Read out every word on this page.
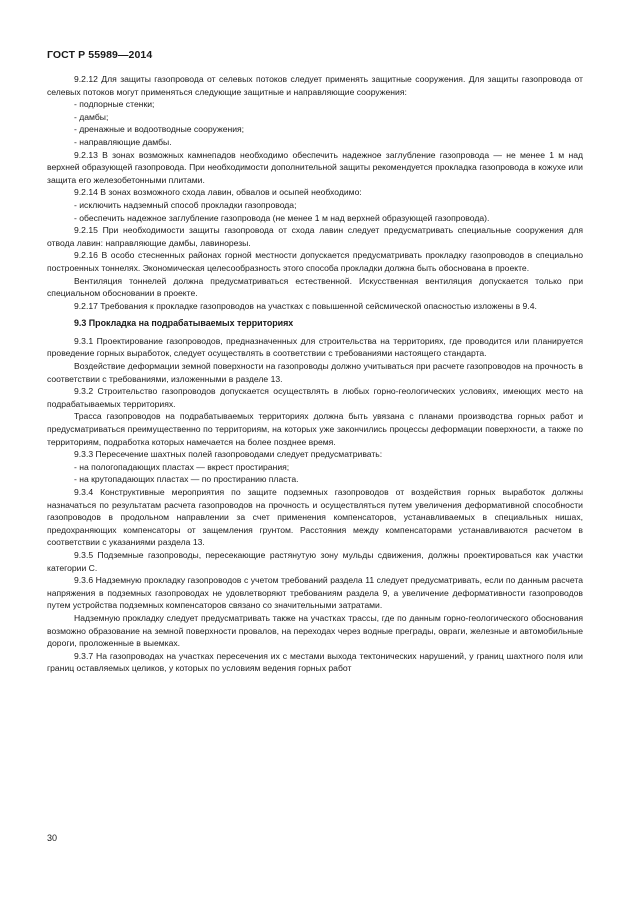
ГОСТ Р 55989—2014

9.2.12 Для защиты газопровода от селевых потоков следует применять защитные сооружения. Для защиты газопровода от селевых потоков могут применяться следующие защитные и направляющие сооружения:

- подпорные стенки;

- дамбы;

- дренажные и водоотводные сооружения;

- направляющие дамбы.

9.2.13 В зонах возможных камнепадов необходимо обеспечить надежное заглубление газопровода — не менее 1 м над верхней образующей газопровода. При необходимости дополнительной защиты рекомендуется прокладка газопровода в кожухе или защита его железобетонными плитами.

9.2.14 В зонах возможного схода лавин, обвалов и осыпей необходимо:

- исключить надземный способ прокладки газопровода;

- обеспечить надежное заглубление газопровода (не менее 1 м над верхней образующей газопровода).

9.2.15 При необходимости защиты газопровода от схода лавин следует предусматривать специальные сооружения для отвода лавин: направляющие дамбы, лавинорезы.

9.2.16 В особо стесненных районах горной местности допускается предусматривать прокладку газопроводов в специально построенных тоннелях. Экономическая целесообразность этого способа прокладки должна быть обоснована в проекте.

Вентиляция тоннелей должна предусматриваться естественной. Искусственная вентиляция допускается только при специальном обосновании в проекте.

9.2.17 Требования к прокладке газопроводов на участках с повышенной сейсмической опасностью изложены в 9.4.

9.3 Прокладка на подрабатываемых территориях

9.3.1 Проектирование газопроводов, предназначенных для строительства на территориях, где проводится или планируется проведение горных выработок, следует осуществлять в соответствии с требованиями настоящего стандарта.

Воздействие деформации земной поверхности на газопроводы должно учитываться при расчете газопроводов на прочность в соответствии с требованиями, изложенными в разделе 13.

9.3.2 Строительство газопроводов допускается осуществлять в любых горно-геологических условиях, имеющих место на подрабатываемых территориях.

Трасса газопроводов на подрабатываемых территориях должна быть увязана с планами производства горных работ и предусматриваться преимущественно по территориям, на которых уже закончились процессы деформации поверхности, а также по территориям, подработка которых намечается на более позднее время.

9.3.3 Пересечение шахтных полей газопроводами следует предусматривать:

- на пологопадающих пластах — вкрест простирания;

- на крутопадающих пластах — по простиранию пласта.

9.3.4 Конструктивные мероприятия по защите подземных газопроводов от воздействия горных выработок должны назначаться по результатам расчета газопроводов на прочность и осуществляться путем увеличения деформативной способности газопроводов в продольном направлении за счет применения компенсаторов, устанавливаемых в специальных нишах, предохраняющих компенсаторы от защемления грунтом. Расстояния между компенсаторами устанавливаются расчетом в соответствии с указаниями раздела 13.

9.3.5 Подземные газопроводы, пересекающие растянутую зону мульды сдвижения, должны проектироваться как участки категории С.

9.3.6 Надземную прокладку газопроводов с учетом требований раздела 11 следует предусматривать, если по данным расчета напряжения в подземных газопроводах не удовлетворяют требованиям раздела 9, а увеличение деформативности газопроводов путем устройства подземных компенсаторов связано со значительными затратами.

Надземную прокладку следует предусматривать также на участках трассы, где по данным горно-геологического обоснования возможно образование на земной поверхности провалов, на переходах через водные преграды, овраги, железные и автомобильные дороги, проложенные в выемках.

9.3.7 На газопроводах на участках пересечения их с местами выхода тектонических нарушений, у границ шахтного поля или границ оставляемых целиков, у которых по условиям ведения горных работ

30
